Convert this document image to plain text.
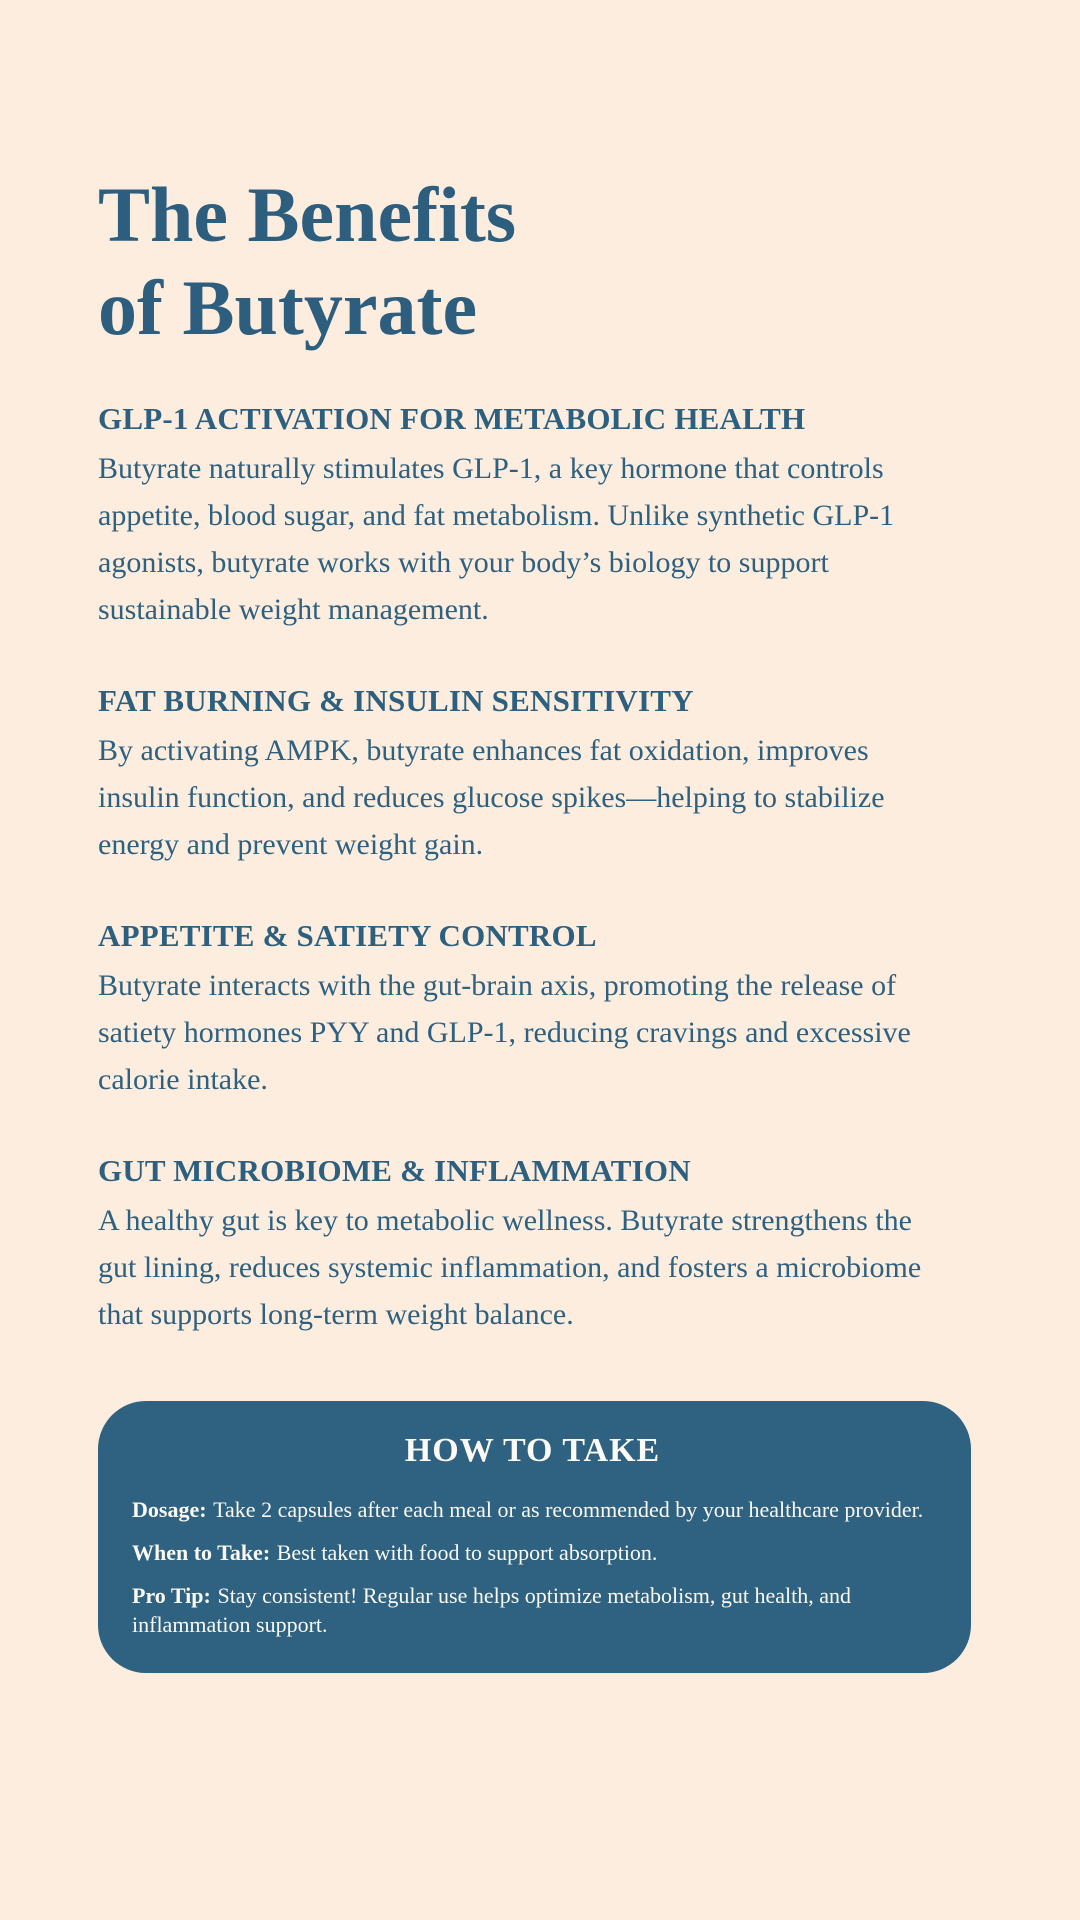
The Benefits
of Butyrate
GLP-1 ACTIVATION FOR METABOLIC HEALTH

Butyrate naturally stimulates GLP-1, a key hormone that controls appetite, blood sugar, and fat metabolism. Unlike synthetic GLP-1 agonists, butyrate works with your body’s biology to support sustainable weight management.

FAT BURNING & INSULIN SENSITIVITY

By activating AMPK, butyrate enhances fat oxidation, improves insulin function, and reduces glucose spikes—helping to stabilize energy and prevent weight gain.

APPETITE & SATIETY CONTROL

Butyrate interacts with the gut-brain axis, promoting the release of satiety hormones PYY and GLP-1, reducing cravings and excessive calorie intake.

GUT MICROBIOME & INFLAMMATION

A healthy gut is key to metabolic wellness. Butyrate strengthens the gut lining, reduces systemic inflammation, and fosters a microbiome that supports long-term weight balance.

HOW TO TAKE

Dosage: Take 2 capsules after each meal or as recommended by your healthcare provider.

When to Take: Best taken with food to support absorption.

Pro Tip: Stay consistent! Regular use helps optimize metabolism, gut health, and inflammation support.
